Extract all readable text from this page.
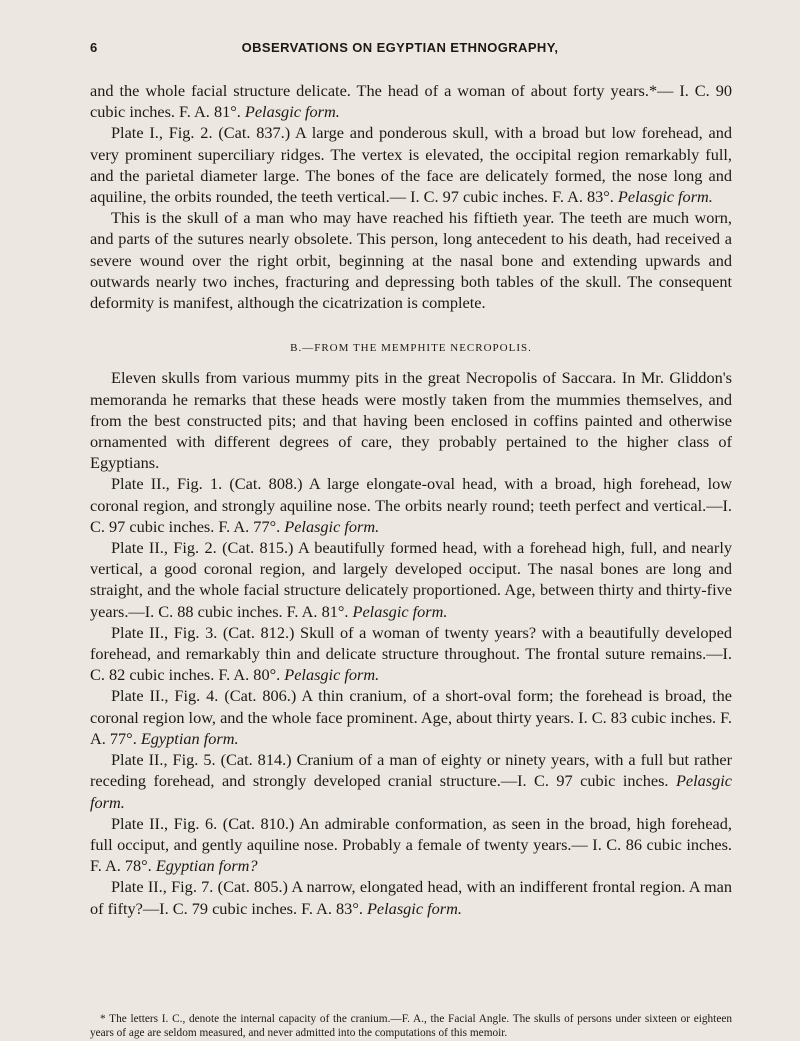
6	OBSERVATIONS ON EGYPTIAN ETHNOGRAPHY,

and the whole facial structure delicate. The head of a woman of about forty years.*— I. C. 90 cubic inches. F. A. 81°. Pelasgic form.

Plate I., Fig. 2. (Cat. 837.) A large and ponderous skull, with a broad but low forehead, and very prominent superciliary ridges. The vertex is elevated, the occipital region remarkably full, and the parietal diameter large. The bones of the face are delicately formed, the nose long and aquiline, the orbits rounded, the teeth vertical.— I. C. 97 cubic inches. F. A. 83°. Pelasgic form.

This is the skull of a man who may have reached his fiftieth year. The teeth are much worn, and parts of the sutures nearly obsolete. This person, long antecedent to his death, had received a severe wound over the right orbit, beginning at the nasal bone and extending upwards and outwards nearly two inches, fracturing and depressing both tables of the skull. The consequent deformity is manifest, although the cicatrization is complete.

B.—FROM THE MEMPHITE NECROPOLIS.

Eleven skulls from various mummy pits in the great Necropolis of Saccara. In Mr. Gliddon's memoranda he remarks that these heads were mostly taken from the mummies themselves, and from the best constructed pits; and that having been enclosed in coffins painted and otherwise ornamented with different degrees of care, they probably pertained to the higher class of Egyptians.

Plate II., Fig. 1. (Cat. 808.) A large elongate-oval head, with a broad, high forehead, low coronal region, and strongly aquiline nose. The orbits nearly round; teeth perfect and vertical.—I. C. 97 cubic inches. F. A. 77°. Pelasgic form.

Plate II., Fig. 2. (Cat. 815.) A beautifully formed head, with a forehead high, full, and nearly vertical, a good coronal region, and largely developed occiput. The nasal bones are long and straight, and the whole facial structure delicately proportioned. Age, between thirty and thirty-five years.—I. C. 88 cubic inches. F. A. 81°. Pelasgic form.

Plate II., Fig. 3. (Cat. 812.) Skull of a woman of twenty years? with a beautifully developed forehead, and remarkably thin and delicate structure throughout. The frontal suture remains.—I. C. 82 cubic inches. F. A. 80°. Pelasgic form.

Plate II., Fig. 4. (Cat. 806.) A thin cranium, of a short-oval form; the forehead is broad, the coronal region low, and the whole face prominent. Age, about thirty years. I. C. 83 cubic inches. F. A. 77°. Egyptian form.

Plate II., Fig. 5. (Cat. 814.) Cranium of a man of eighty or ninety years, with a full but rather receding forehead, and strongly developed cranial structure.—I. C. 97 cubic inches. Pelasgic form.

Plate II., Fig. 6. (Cat. 810.) An admirable conformation, as seen in the broad, high forehead, full occiput, and gently aquiline nose. Probably a female of twenty years.— I. C. 86 cubic inches. F. A. 78°. Egyptian form?

Plate II., Fig. 7. (Cat. 805.) A narrow, elongated head, with an indifferent frontal region. A man of fifty?—I. C. 79 cubic inches. F. A. 83°. Pelasgic form.

* The letters I. C., denote the internal capacity of the cranium.—F. A., the Facial Angle. The skulls of persons under sixteen or eighteen years of age are seldom measured, and never admitted into the computations of this memoir.
